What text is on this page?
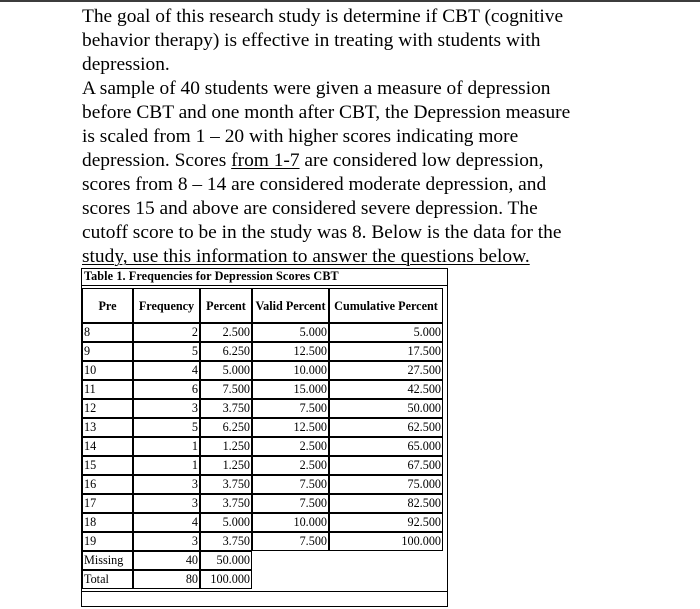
The goal of this research study is determine if CBT (cognitive

behavior therapy) is effective in treating with students with

depression.

A sample of 40 students were given a measure of depression

before CBT and one month after CBT, the Depression measure

is scaled from 1 – 20 with higher scores indicating more

depression. Scores from 1-7 are considered low depression,

scores from 8 – 14 are considered moderate depression, and

scores 15 and above are considered severe depression. The

cutoff score to be in the study was 8. Below is the data for the

study, use this information to answer the questions below.

Table 1. Frequencies for Depression Scores CBT
Pre	Frequency	Percent	Valid Percent	Cumulative Percent
8	2	2.500	5.000	5.000
9	5	6.250	12.500	17.500
10	4	5.000	10.000	27.500
11	6	7.500	15.000	42.500
12	3	3.750	7.500	50.000
13	5	6.250	12.500	62.500
14	1	1.250	2.500	65.000
15	1	1.250	2.500	67.500
16	3	3.750	7.500	75.000
17	3	3.750	7.500	82.500
18	4	5.000	10.000	92.500
19	3	3.750	7.500	100.000
Missing	40	50.000		
Total	80	100.000		
